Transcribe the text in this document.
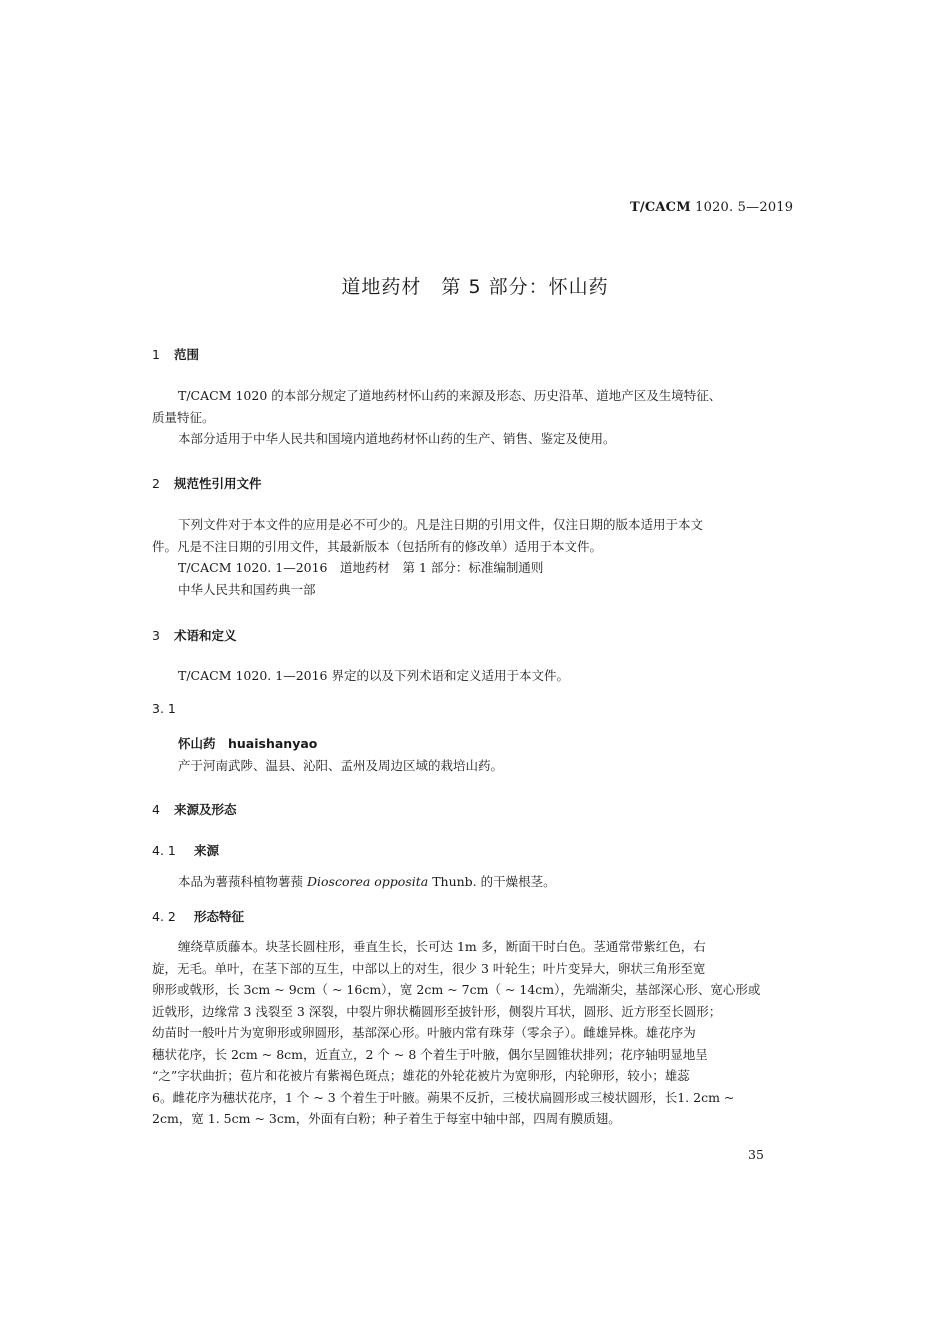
T/CACM 1020. 5—2019
道地药材　第 5 部分：怀山药
1 范围
T/CACM 1020 的本部分规定了道地药材怀山药的来源及形态、历史沿革、道地产区及生境特征、
质量特征。
本部分适用于中华人民共和国境内道地药材怀山药的生产、销售、鉴定及使用。
2 规范性引用文件
下列文件对于本文件的应用是必不可少的。凡是注日期的引用文件，仅注日期的版本适用于本文
件。凡是不注日期的引用文件，其最新版本（包括所有的修改单）适用于本文件。
T/CACM 1020. 1—2016　道地药材　第 1 部分：标准编制通则
中华人民共和国药典一部
3 术语和定义
T/CACM 1020. 1—2016 界定的以及下列术语和定义适用于本文件。
3. 1
怀山药　huaishanyao
产于河南武陟、温县、沁阳、孟州及周边区域的栽培山药。
4 来源及形态
4. 1 来源
本品为薯蓣科植物薯蓣 Dioscorea opposita Thunb. 的干燥根茎。
4. 2 形态特征
缠绕草质藤本。块茎长圆柱形，垂直生长，长可达 1m 多，断面干时白色。茎通常带紫红色，右
旋，无毛。单叶，在茎下部的互生，中部以上的对生，很少 3 叶轮生；叶片变异大，卵状三角形至宽
卵形或戟形，长 3cm ~ 9cm（ ~ 16cm），宽 2cm ~ 7cm（ ~ 14cm），先端渐尖，基部深心形、宽心形或
近戟形，边缘常 3 浅裂至 3 深裂，中裂片卵状椭圆形至披针形，侧裂片耳状，圆形、近方形至长圆形；
幼苗时一般叶片为宽卵形或卵圆形，基部深心形。叶腋内常有珠芽（零余子）。雌雄异株。雄花序为
穗状花序，长 2cm ~ 8cm，近直立，2 个 ~ 8 个着生于叶腋，偶尔呈圆锥状排列；花序轴明显地呈
“之”字状曲折；苞片和花被片有紫褐色斑点；雄花的外轮花被片为宽卵形，内轮卵形，较小；雄蕊
6。雌花序为穗状花序，1 个 ~ 3 个着生于叶腋。蒴果不反折，三棱状扁圆形或三棱状圆形，长1. 2cm ~
2cm，宽 1. 5cm ~ 3cm，外面有白粉；种子着生于每室中轴中部，四周有膜质翅。
35
